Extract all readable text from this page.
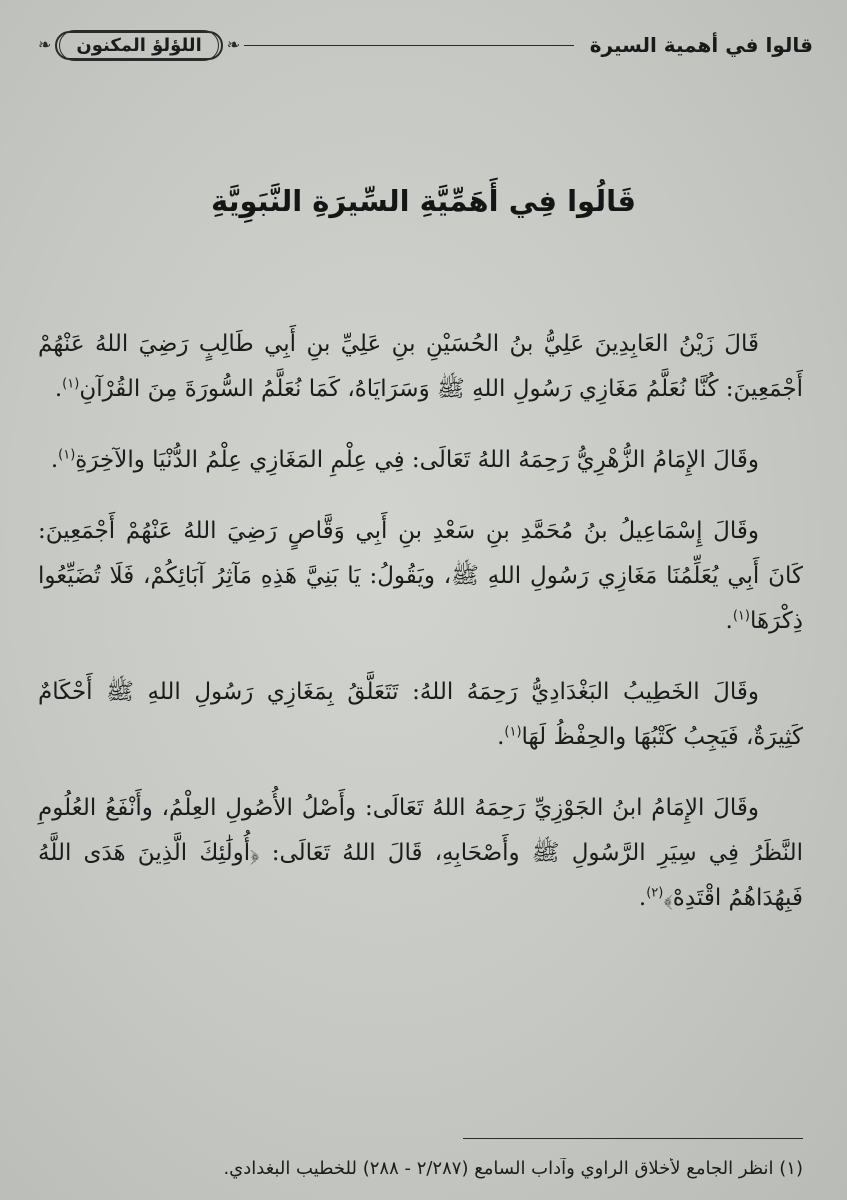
قالوا في أهمية السيرة
❧	اللؤلؤ المكنون	❧
قَالُوا فِي أَهَمِّيَّةِ السِّيرَةِ النَّبَوِيَّةِ

قَالَ زَيْنُ العَابِدِينَ عَلِيُّ بنُ الحُسَيْنِ بنِ عَلِيِّ بنِ أَبِي طَالِبٍ رَضِيَ اللهُ عَنْهُمْ أَجْمَعِينَ: كُنَّا نُعَلَّمُ مَغَازِي رَسُولِ اللهِ ﷺ وَسَرَايَاهُ، كَمَا نُعَلَّمُ السُّورَةَ مِنَ القُرْآنِ$^{(١)}$.

وقَالَ الإِمَامُ الزُّهْرِيُّ رَحِمَهُ اللهُ تَعَالَى: فِي عِلْمِ المَغَازِي عِلْمُ الدُّنْيَا والآخِرَةِ$^{(١)}$.

وقَالَ إِسْمَاعِيلُ بنُ مُحَمَّدِ بنِ سَعْدِ بنِ أَبِي وَقَّاصٍ رَضِيَ اللهُ عَنْهُمْ أَجْمَعِينَ: كَانَ أَبِي يُعَلِّمُنَا مَغَازِي رَسُولِ اللهِ ﷺ، ويَقُولُ: يَا بَنِيَّ هَذِهِ مَآثِرُ آبَائِكُمْ، فَلَا تُضَيِّعُوا ذِكْرَهَا$^{(١)}$.

وقَالَ الخَطِيبُ البَغْدَادِيُّ رَحِمَهُ اللهُ: تَتَعَلَّقُ بِمَغَازِي رَسُولِ اللهِ ﷺ أَحْكَامٌ كَثِيرَةٌ، فَيَجِبُ كَتْبُهَا والحِفْظُ لَهَا$^{(١)}$.

وقَالَ الإِمَامُ ابنُ الجَوْزِيِّ رَحِمَهُ اللهُ تَعَالَى: وأَصْلُ الأُصُولِ العِلْمُ، وأَنْفَعُ العُلُومِ النَّظَرُ فِي سِيَرِ الرَّسُولِ ﷺ وأَصْحَابِهِ، قَالَ اللهُ تَعَالَى: ﴿أُولَٰئِكَ الَّذِينَ هَدَى اللَّهُ فَبِهُدَاهُمُ اقْتَدِهْ﴾$^{(٢)}$.

(١) انظر الجامع لأخلاق الراوي وآداب السامع (٢/٢٨٧ - ٢٨٨) للخطيب البغدادي.
